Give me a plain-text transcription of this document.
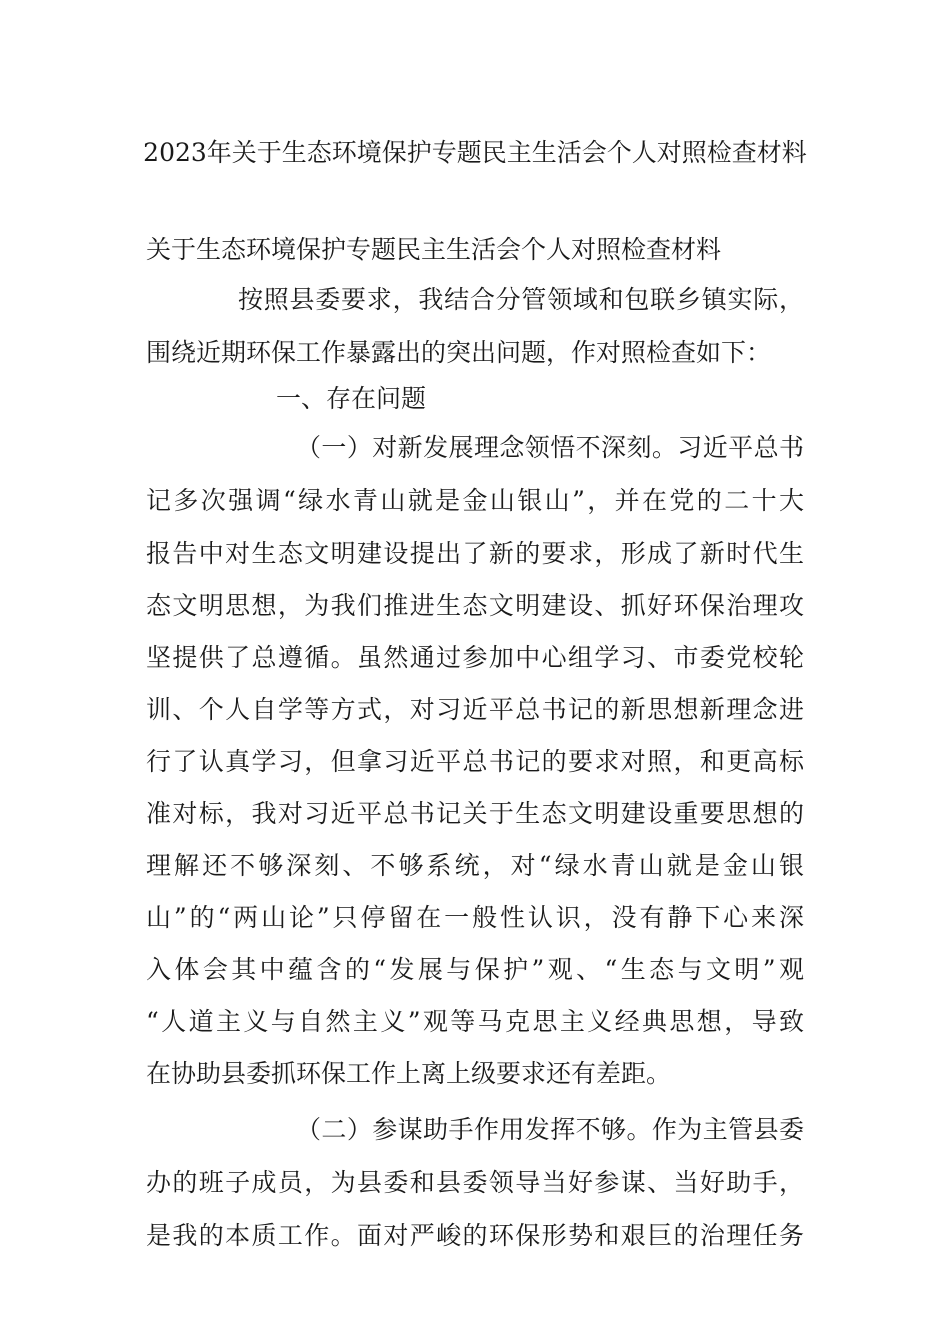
2023年关于生态环境保护专题民主生活会个人对照检查材料
关于生态环境保护专题民主生活会个人对照检查材料
按照县委要求，我结合分管领域和包联乡镇实际，
围绕近期环保工作暴露出的突出问题，作对照检查如下：
一、存在问题
（一）对新发展理念领悟不深刻。习近平总书
记多次强调“绿水青山就是金山银山”，并在党的二十大
报告中对生态文明建设提出了新的要求，形成了新时代生
态文明思想，为我们推进生态文明建设、抓好环保治理攻
坚提供了总遵循。虽然通过参加中心组学习、市委党校轮
训、个人自学等方式，对习近平总书记的新思想新理念进
行了认真学习，但拿习近平总书记的要求对照，和更高标
准对标，我对习近平总书记关于生态文明建设重要思想的
理解还不够深刻、不够系统，对“绿水青山就是金山银
山”的“两山论”只停留在一般性认识，没有静下心来深
入体会其中蕴含的“发展与保护”观、“生态与文明”观
“人道主义与自然主义”观等马克思主义经典思想，导致
在协助县委抓环保工作上离上级要求还有差距。
（二）参谋助手作用发挥不够。作为主管县委
办的班子成员，为县委和县委领导当好参谋、当好助手，
是我的本质工作。面对严峻的环保形势和艰巨的治理任务
